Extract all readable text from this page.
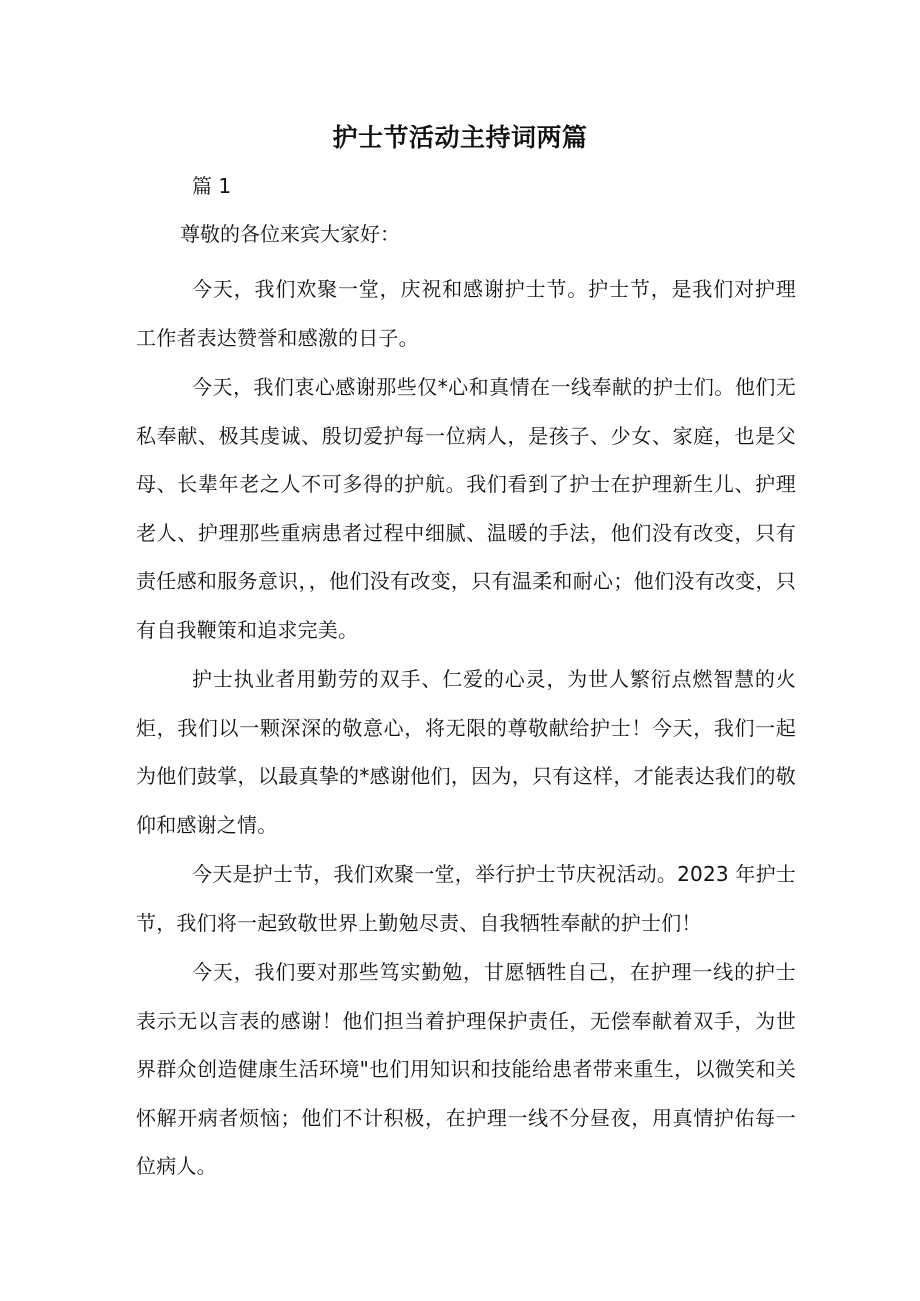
护士节活动主持词两篇

篇 1

尊敬的各位来宾大家好：

今天，我们欢聚一堂，庆祝和感谢护士节。护士节，是我们对护理工作者表达赞誉和感激的日子。

今天，我们衷心感谢那些仅*心和真情在一线奉献的护士们。他们无私奉献、极其虔诚、殷切爱护每一位病人，是孩子、少女、家庭，也是父母、长辈年老之人不可多得的护航。我们看到了护士在护理新生儿、护理老人、护理那些重病患者过程中细腻、温暖的手法，他们没有改变，只有责任感和服务意识，，他们没有改变，只有温柔和耐心；他们没有改变，只有自我鞭策和追求完美。

护士执业者用勤劳的双手、仁爱的心灵，为世人繁衍点燃智慧的火炬，我们以一颗深深的敬意心，将无限的尊敬献给护士！今天，我们一起为他们鼓掌，以最真挚的*感谢他们，因为，只有这样，才能表达我们的敬仰和感谢之情。

今天是护士节，我们欢聚一堂，举行护士节庆祝活动。2023 年护士节，我们将一起致敬世界上勤勉尽责、自我牺牲奉献的护士们！

今天，我们要对那些笃实勤勉，甘愿牺牲自己，在护理一线的护士表示无以言表的感谢！他们担当着护理保护责任，无偿奉献着双手，为世界群众创造健康生活环境"也们用知识和技能给患者带来重生，以微笑和关怀解开病者烦恼；他们不计积极，在护理一线不分昼夜，用真情护佑每一位病人。
